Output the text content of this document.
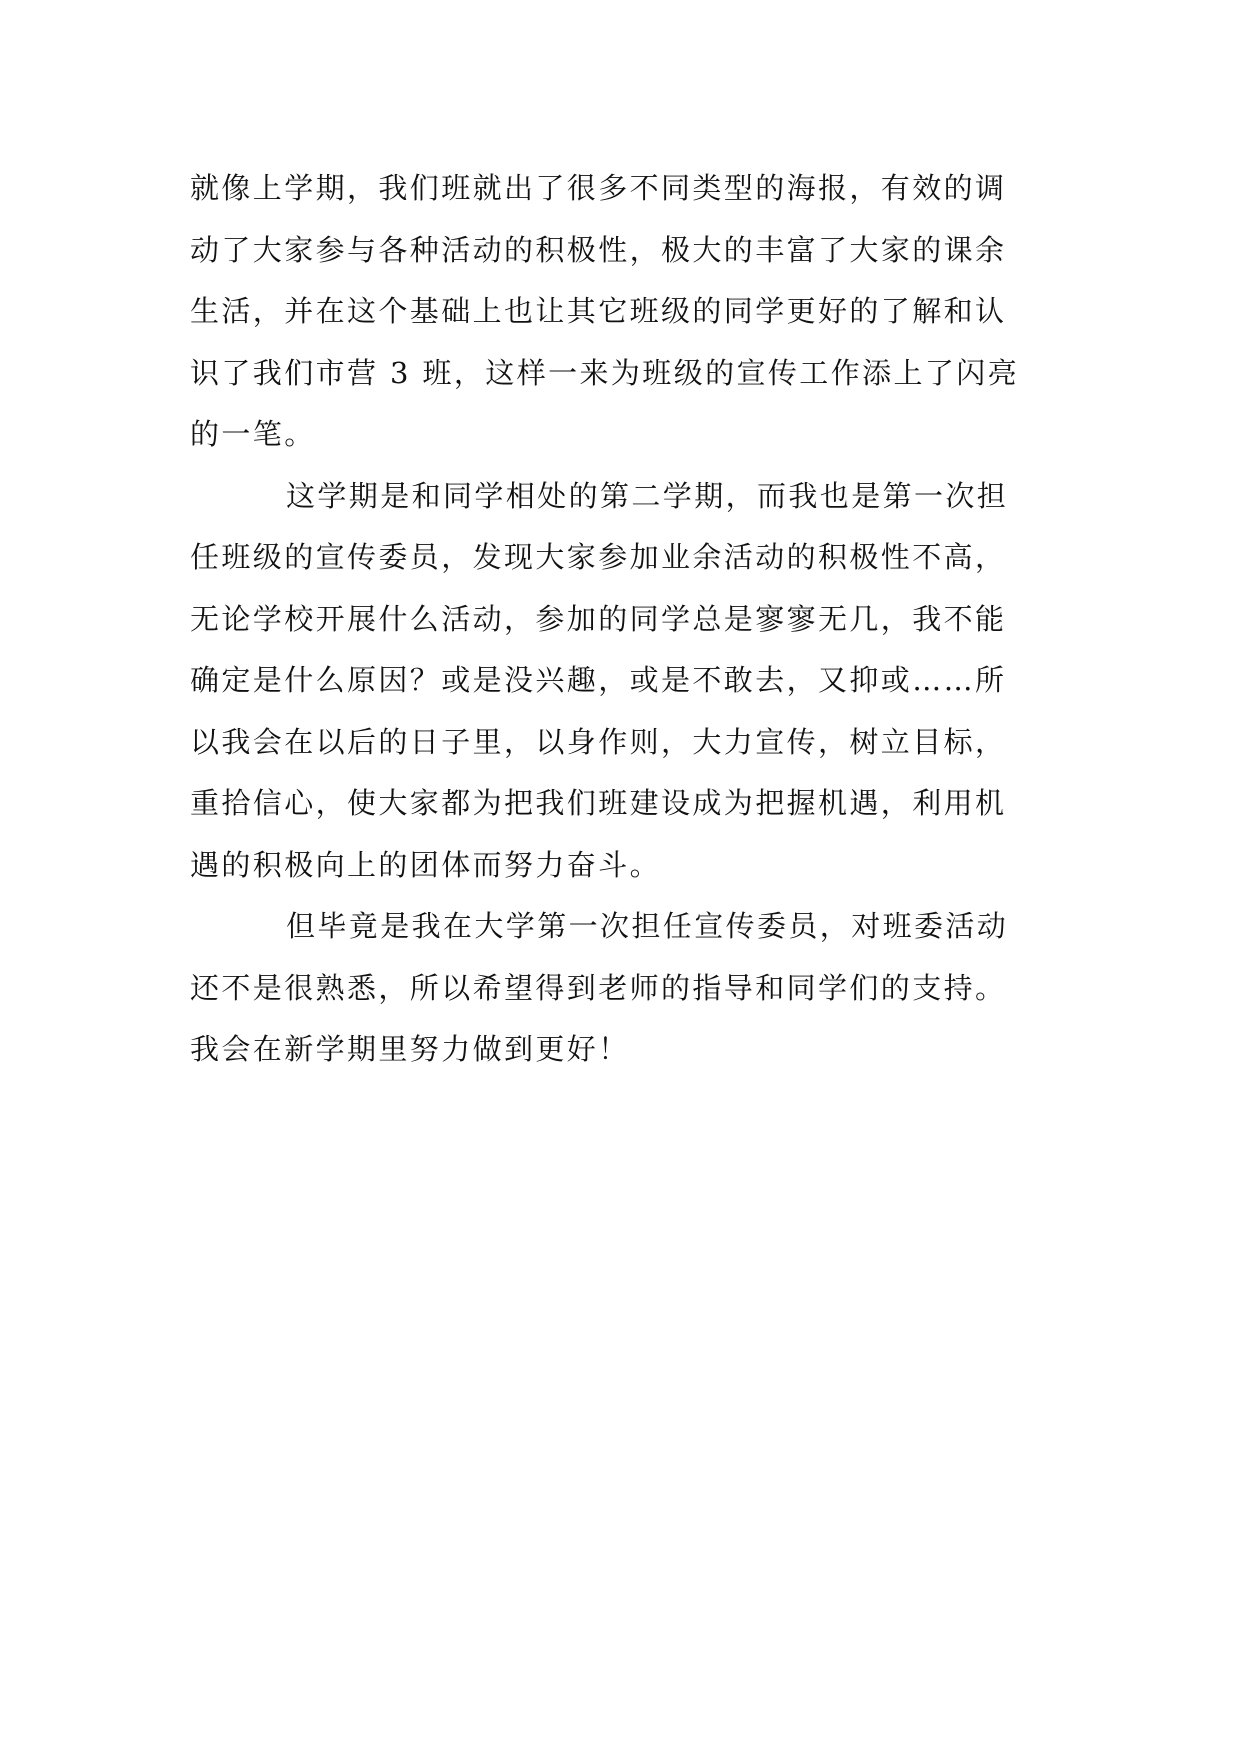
就像上学期，我们班就出了很多不同类型的海报，有效的调
动了大家参与各种活动的积极性，极大的丰富了大家的课余
生活，并在这个基础上也让其它班级的同学更好的了解和认
识了我们市营 3 班，这样一来为班级的宣传工作添上了闪亮
的一笔。
这学期是和同学相处的第二学期，而我也是第一次担
任班级的宣传委员，发现大家参加业余活动的积极性不高，
无论学校开展什么活动，参加的同学总是寥寥无几，我不能
确定是什么原因？或是没兴趣，或是不敢去，又抑或……所
以我会在以后的日子里，以身作则，大力宣传，树立目标，
重拾信心，使大家都为把我们班建设成为把握机遇，利用机
遇的积极向上的团体而努力奋斗。
但毕竟是我在大学第一次担任宣传委员，对班委活动
还不是很熟悉，所以希望得到老师的指导和同学们的支持。
我会在新学期里努力做到更好！
